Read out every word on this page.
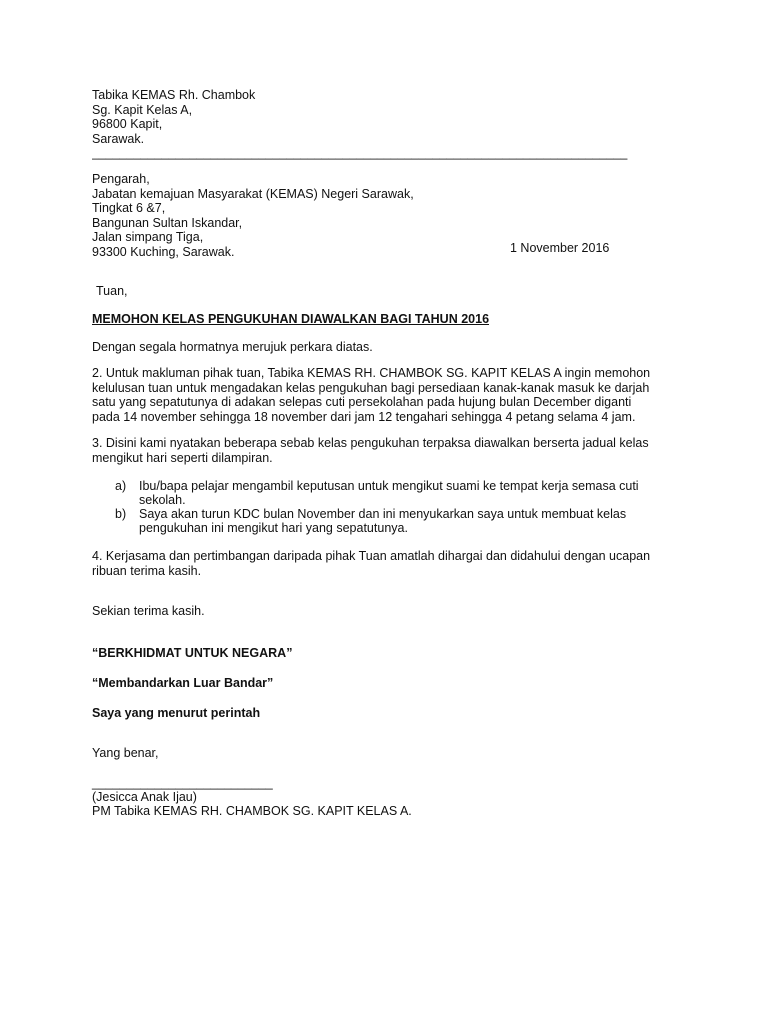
Tabika KEMAS Rh. Chambok
Sg. Kapit Kelas A,
96800 Kapit,
Sarawak.
_____________________________________________________________________________
Pengarah,
Jabatan kemajuan Masyarakat (KEMAS) Negeri Sarawak,
Tingkat 6 &7,
Bangunan Sultan Iskandar,
Jalan simpang Tiga,
93300 Kuching, Sarawak.	1 November 2016
Tuan,
MEMOHON KELAS PENGUKUHAN DIAWALKAN BAGI TAHUN 2016
Dengan segala hormatnya merujuk perkara diatas.
2. Untuk makluman pihak tuan, Tabika KEMAS RH. CHAMBOK SG. KAPIT KELAS A ingin memohon
kelulusan tuan untuk mengadakan kelas pengukuhan bagi persediaan kanak-kanak masuk ke darjah
satu yang sepatutunya di adakan selepas cuti persekolahan pada hujung bulan December diganti
pada 14 november sehingga 18 november dari jam 12 tengahari sehingga 4 petang selama 4 jam.
3. Disini kami nyatakan beberapa sebab kelas pengukuhan terpaksa diawalkan berserta jadual kelas
mengikut hari seperti dilampiran.
a) Ibu/bapa pelajar mengambil keputusan untuk mengikut suami ke tempat kerja semasa cuti
sekolah.
b) Saya akan turun KDC bulan November dan ini menyukarkan saya untuk membuat kelas
pengukuhan ini mengikut hari yang sepatutunya.
4. Kerjasama dan pertimbangan daripada pihak Tuan amatlah dihargai dan didahului dengan ucapan
ribuan terima kasih.
Sekian terima kasih.
“BERKHIDMAT UNTUK NEGARA”
“Membandarkan Luar Bandar”
Saya yang menurut perintah
Yang benar,
__________________________
(Jesicca Anak Ijau)
PM Tabika KEMAS RH. CHAMBOK SG. KAPIT KELAS A.
